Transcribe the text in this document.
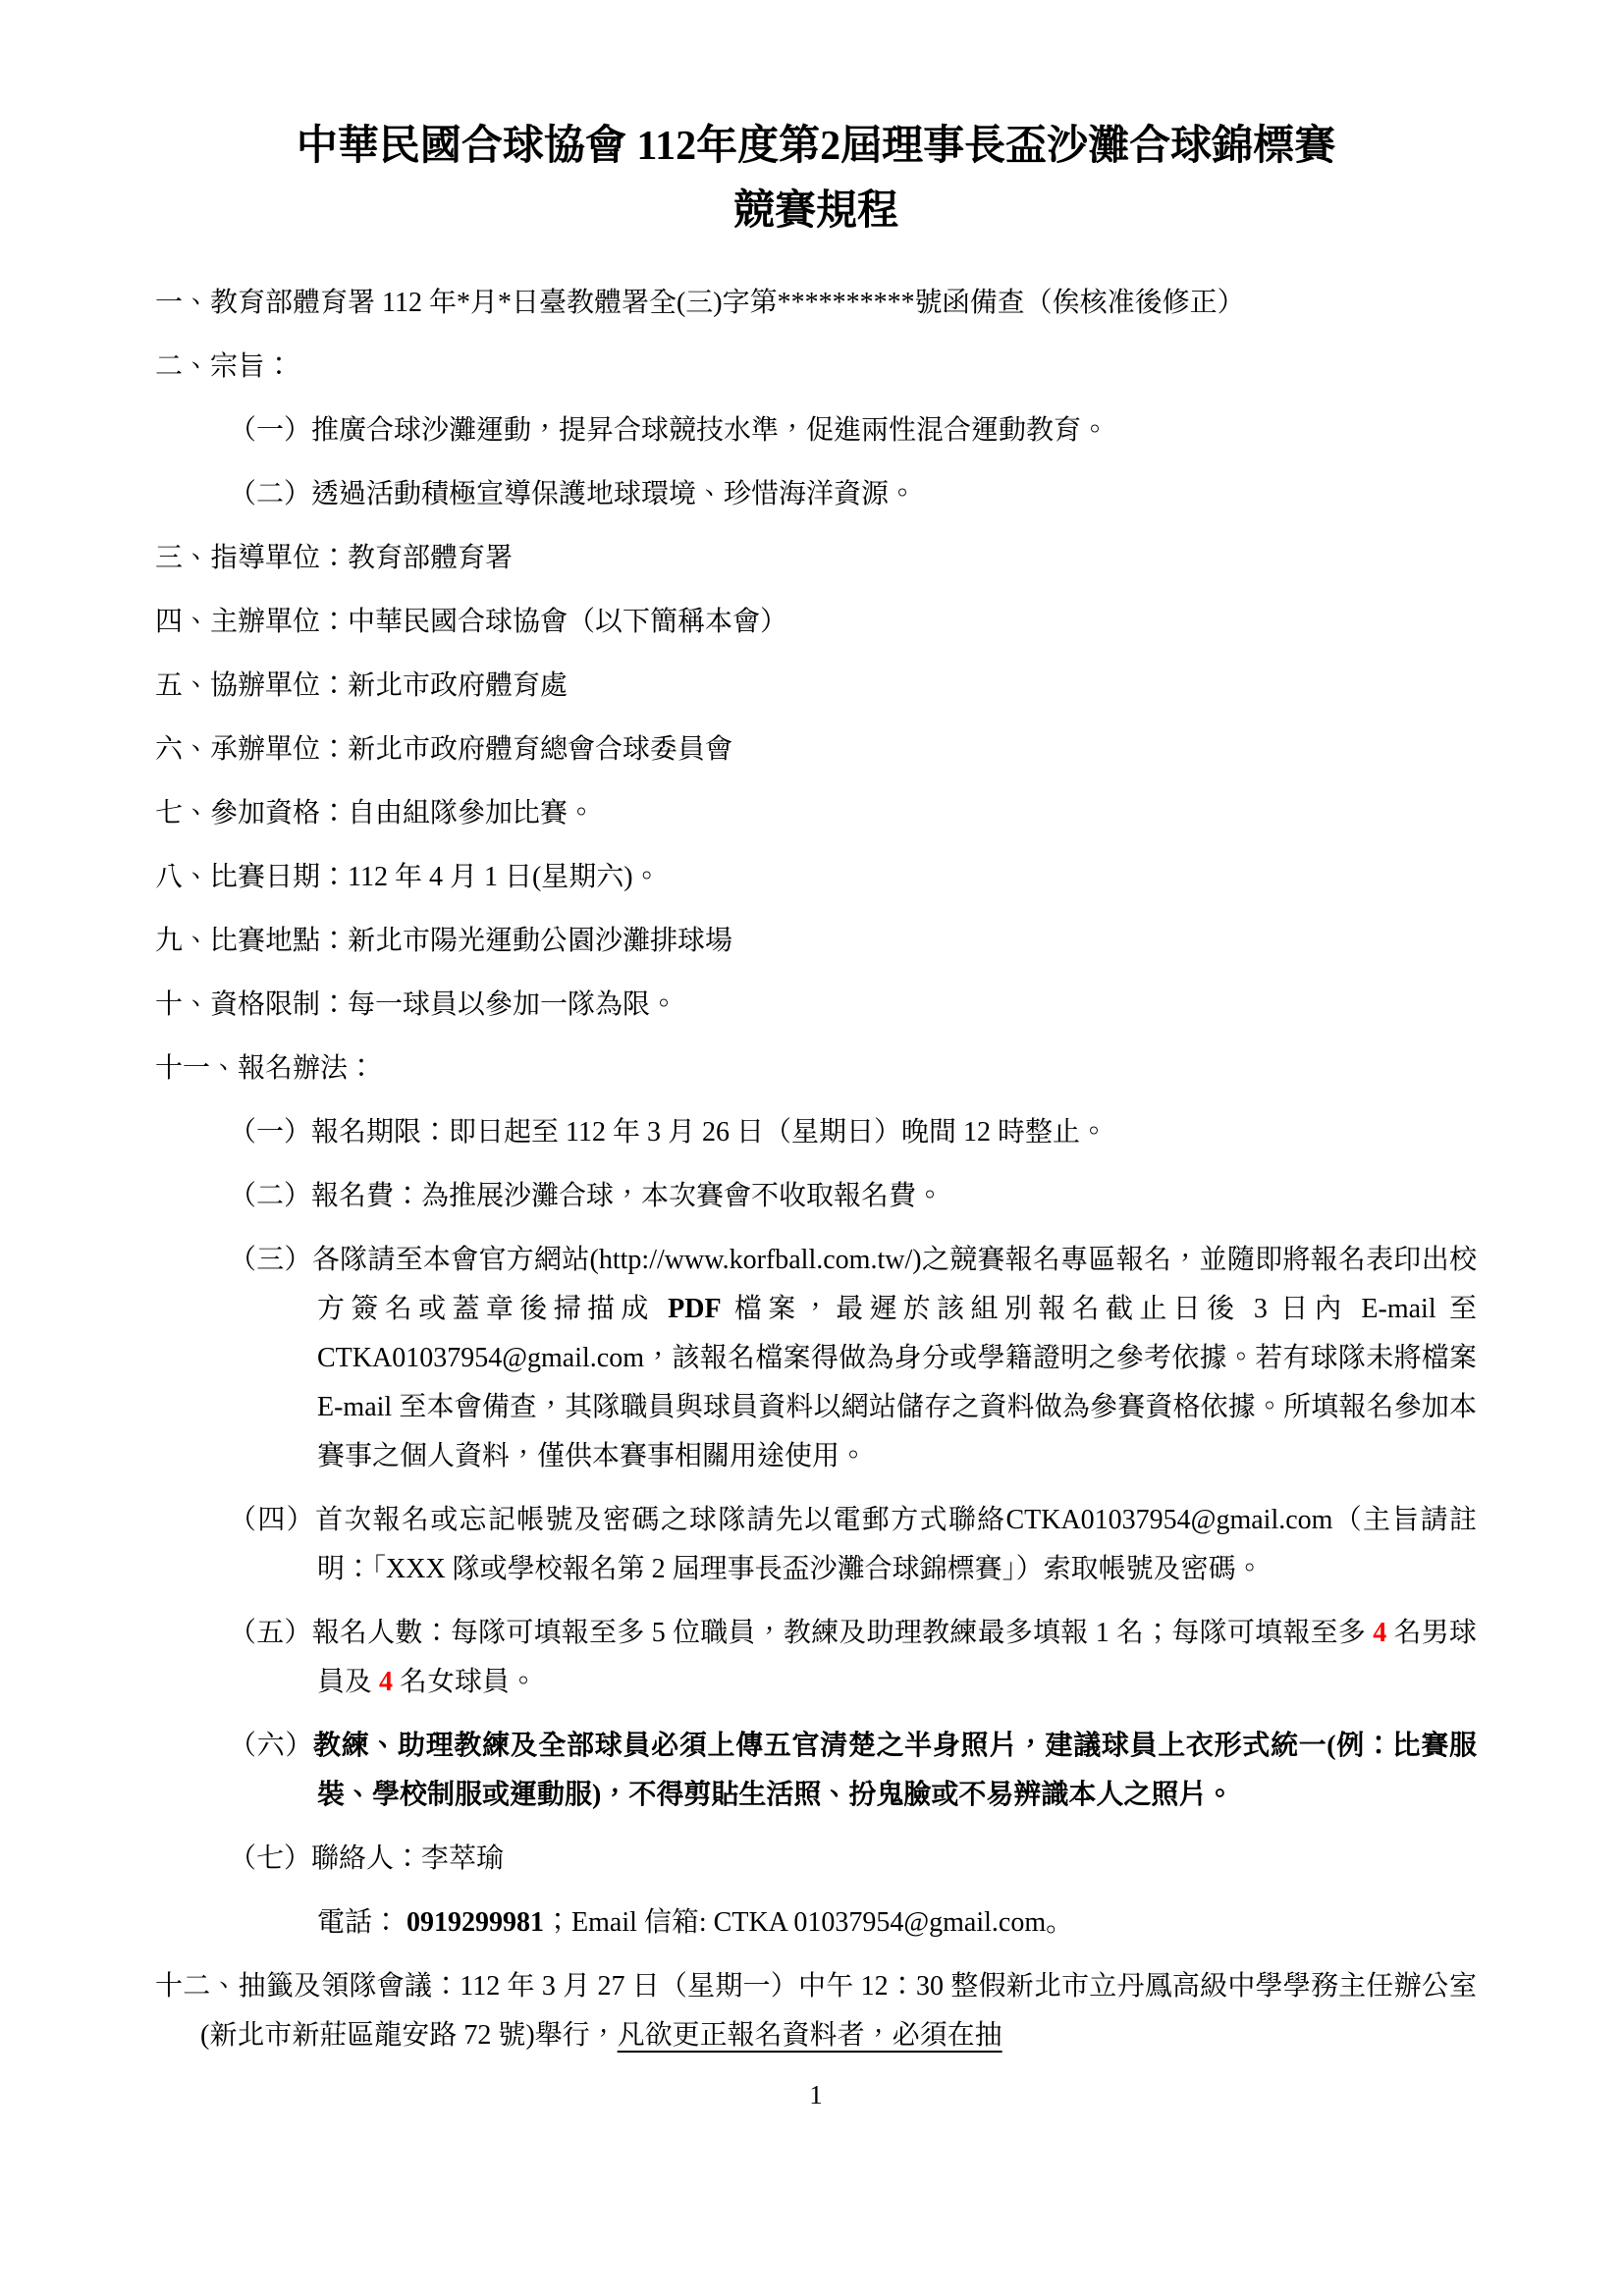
中華民國合球協會 112年度第2屆理事長盃沙灘合球錦標賽
競賽規程

一、教育部體育署 112 年*月*日臺教體署全(三)字第**********號函備查（俟核准後修正）

二、宗旨：

（一）推廣合球沙灘運動，提昇合球競技水準，促進兩性混合運動教育。

（二）透過活動積極宣導保護地球環境、珍惜海洋資源。

三、指導單位：教育部體育署

四、主辦單位：中華民國合球協會（以下簡稱本會）

五、協辦單位：新北市政府體育處

六、承辦單位：新北市政府體育總會合球委員會

七、參加資格：自由組隊參加比賽。

八、比賽日期：112 年 4 月 1 日(星期六)。

九、比賽地點：新北市陽光運動公園沙灘排球場

十、資格限制：每一球員以參加一隊為限。

十一、報名辦法：

（一）報名期限：即日起至 112 年 3 月 26 日（星期日）晚間 12 時整止。

（二）報名費：為推展沙灘合球，本次賽會不收取報名費。

（三）各隊請至本會官方網站(http://www.korfball.com.tw/)之競賽報名專區報名，並隨即將報名表印出校方簽名或蓋章後掃描成 PDF 檔案，最遲於該組別報名截止日後 3 日內 E-mail 至 CTKA01037954@gmail.com，該報名檔案得做為身分或學籍證明之參考依據。若有球隊未將檔案 E-mail 至本會備查，其隊職員與球員資料以網站儲存之資料做為參賽資格依據。所填報名參加本賽事之個人資料，僅供本賽事相關用途使用。

（四）首次報名或忘記帳號及密碼之球隊請先以電郵方式聯絡CTKA01037954@gmail.com（主旨請註明：「XXX 隊或學校報名第 2 屆理事長盃沙灘合球錦標賽」）索取帳號及密碼。

（五）報名人數：每隊可填報至多 5 位職員，教練及助理教練最多填報 1 名；每隊可填報至多 4 名男球員及 4 名女球員。

（六）教練、助理教練及全部球員必須上傳五官清楚之半身照片，建議球員上衣形式統一(例：比賽服裝、學校制服或運動服)，不得剪貼生活照、扮鬼臉或不易辨識本人之照片。

（七）聯絡人：李萃瑜

電話： 0919299981；Email 信箱: CTKA 01037954@gmail.com。

十二、抽籤及領隊會議：112 年 3 月 27 日（星期一）中午 12：30 整假新北市立丹鳳高級中學學務主任辦公室(新北市新莊區龍安路 72 號)舉行，凡欲更正報名資料者，必須在抽

1
